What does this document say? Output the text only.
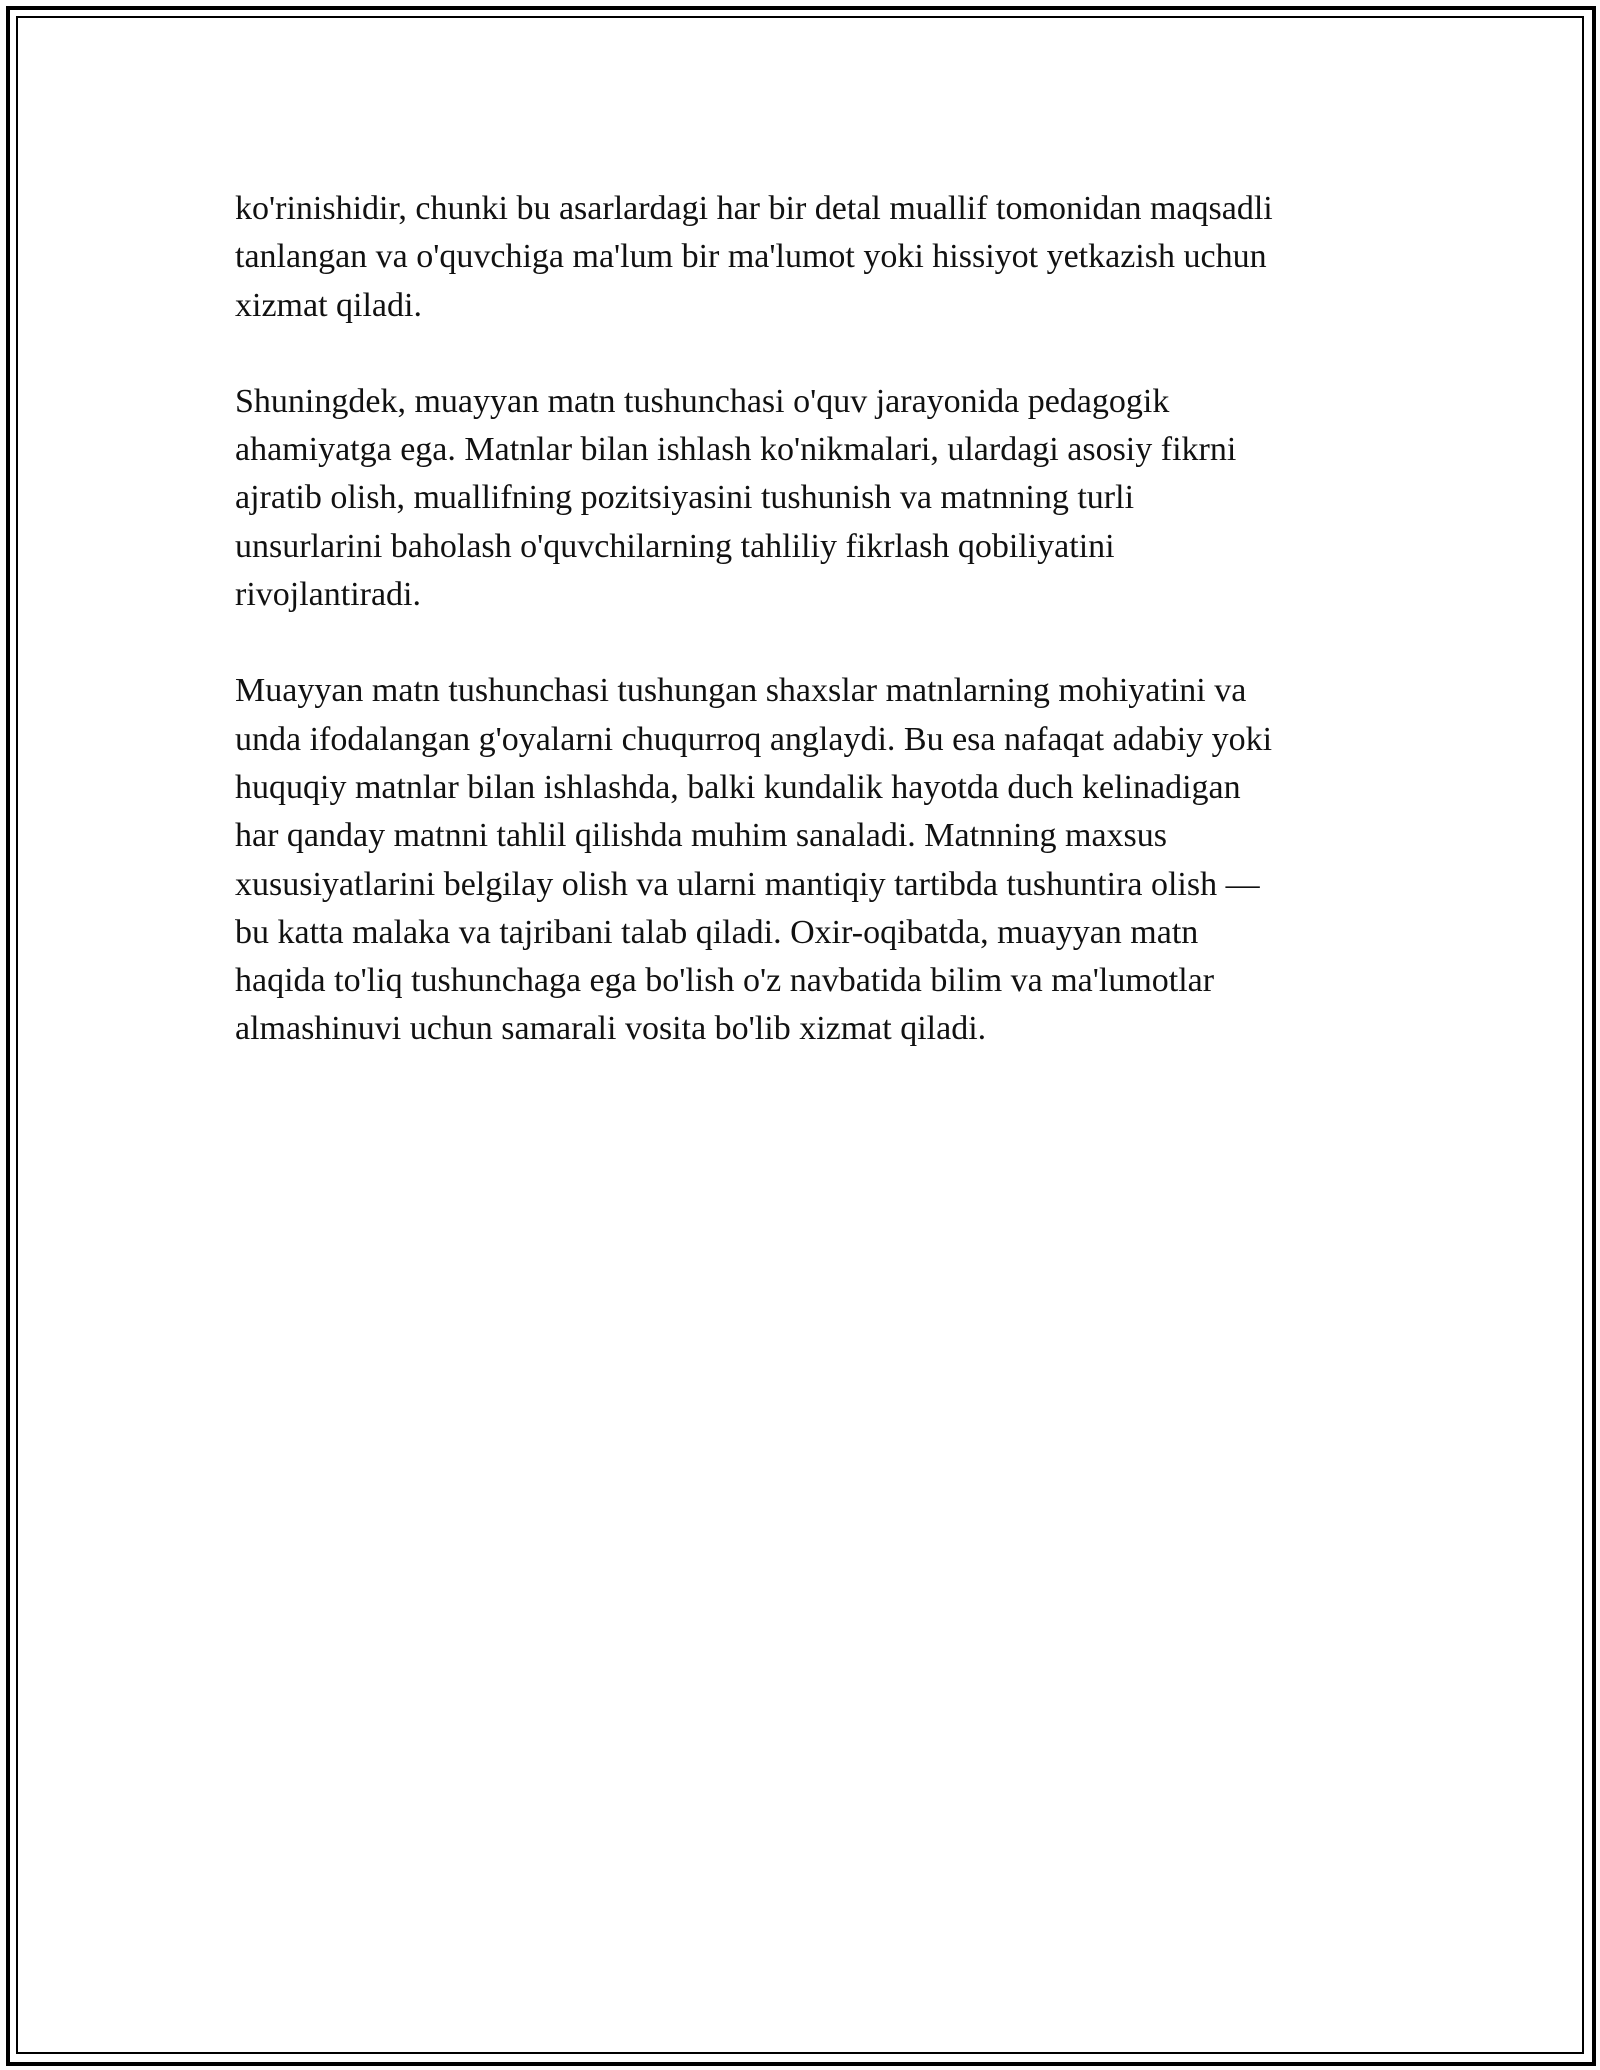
ko'rinishidir, chunki bu asarlardagi har bir detal muallif tomonidan maqsadli
tanlangan va o'quvchiga ma'lum bir ma'lumot yoki hissiyot yetkazish uchun
xizmat qiladi.

Shuningdek, muayyan matn tushunchasi o'quv jarayonida pedagogik
ahamiyatga ega. Matnlar bilan ishlash ko'nikmalari, ulardagi asosiy fikrni
ajratib olish, muallifning pozitsiyasini tushunish va matnning turli
unsurlarini baholash o'quvchilarning tahliliy fikrlash qobiliyatini
rivojlantiradi.

Muayyan matn tushunchasi tushungan shaxslar matnlarning mohiyatini va
unda ifodalangan g'oyalarni chuqurroq anglaydi. Bu esa nafaqat adabiy yoki
huquqiy matnlar bilan ishlashda, balki kundalik hayotda duch kelinadigan
har qanday matnni tahlil qilishda muhim sanaladi. Matnning maxsus
xususiyatlarini belgilay olish va ularni mantiqiy tartibda tushuntira olish —
bu katta malaka va tajribani talab qiladi. Oxir-oqibatda, muayyan matn
haqida to'liq tushunchaga ega bo'lish o'z navbatida bilim va ma'lumotlar
almashinuvi uchun samarali vosita bo'lib xizmat qiladi.
